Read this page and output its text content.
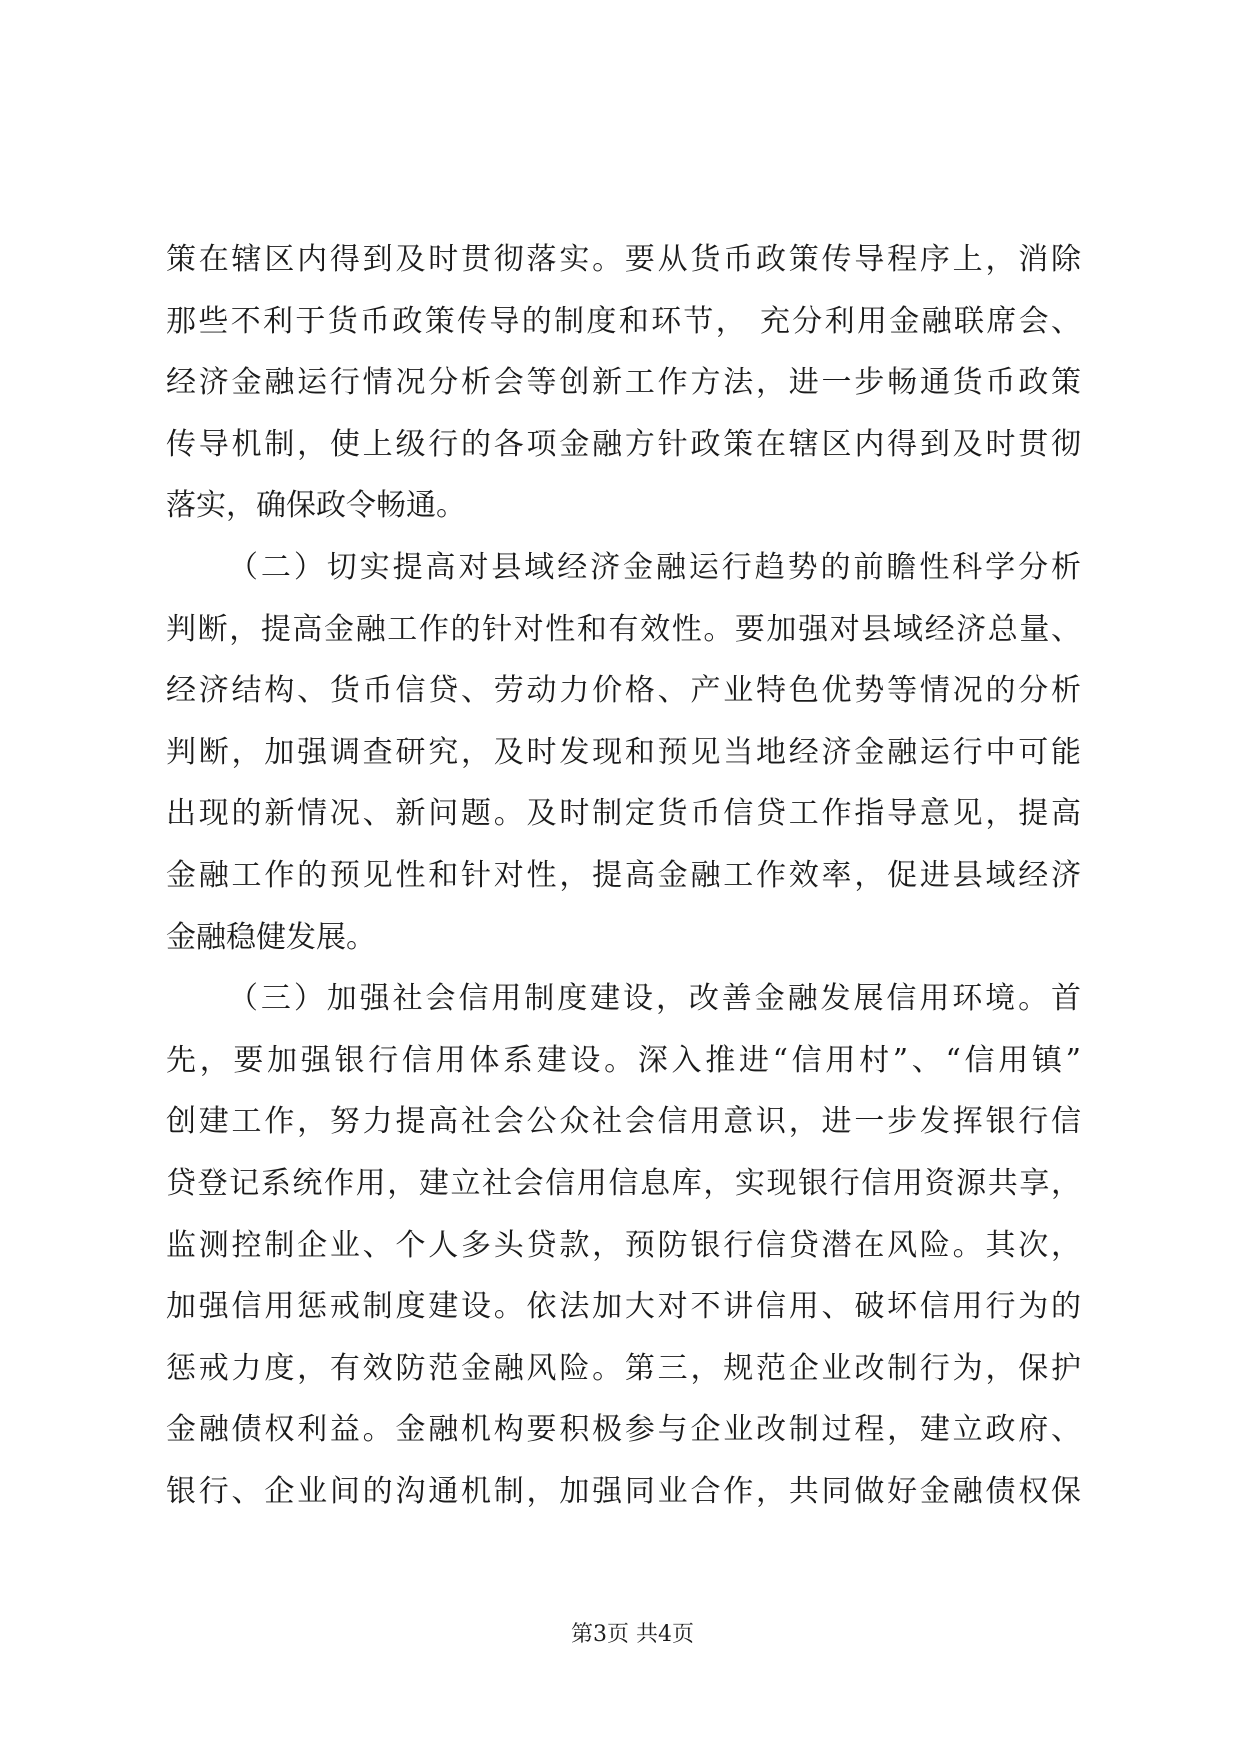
策在辖区内得到及时贯彻落实。要从货币政策传导程序上，消除
那些不利于货币政策传导的制度和环节， 充分利用金融联席会、
经济金融运行情况分析会等创新工作方法，进一步畅通货币政策
传导机制，使上级行的各项金融方针政策在辖区内得到及时贯彻
落实，确保政令畅通。
（二）切实提高对县域经济金融运行趋势的前瞻性科学分析
判断，提高金融工作的针对性和有效性。要加强对县域经济总量、
经济结构、货币信贷、劳动力价格、产业特色优势等情况的分析
判断，加强调查研究，及时发现和预见当地经济金融运行中可能
出现的新情况、新问题。及时制定货币信贷工作指导意见，提高
金融工作的预见性和针对性，提高金融工作效率，促进县域经济
金融稳健发展。
（三）加强社会信用制度建设，改善金融发展信用环境。首
先，要加强银行信用体系建设。深入推进“信用村”、“信用镇”
创建工作，努力提高社会公众社会信用意识，进一步发挥银行信
贷登记系统作用，建立社会信用信息库，实现银行信用资源共享，
监测控制企业、个人多头贷款，预防银行信贷潜在风险。其次，
加强信用惩戒制度建设。依法加大对不讲信用、破坏信用行为的
惩戒力度，有效防范金融风险。第三，规范企业改制行为，保护
金融债权利益。金融机构要积极参与企业改制过程，建立政府、
银行、企业间的沟通机制，加强同业合作，共同做好金融债权保
第3页 共4页
